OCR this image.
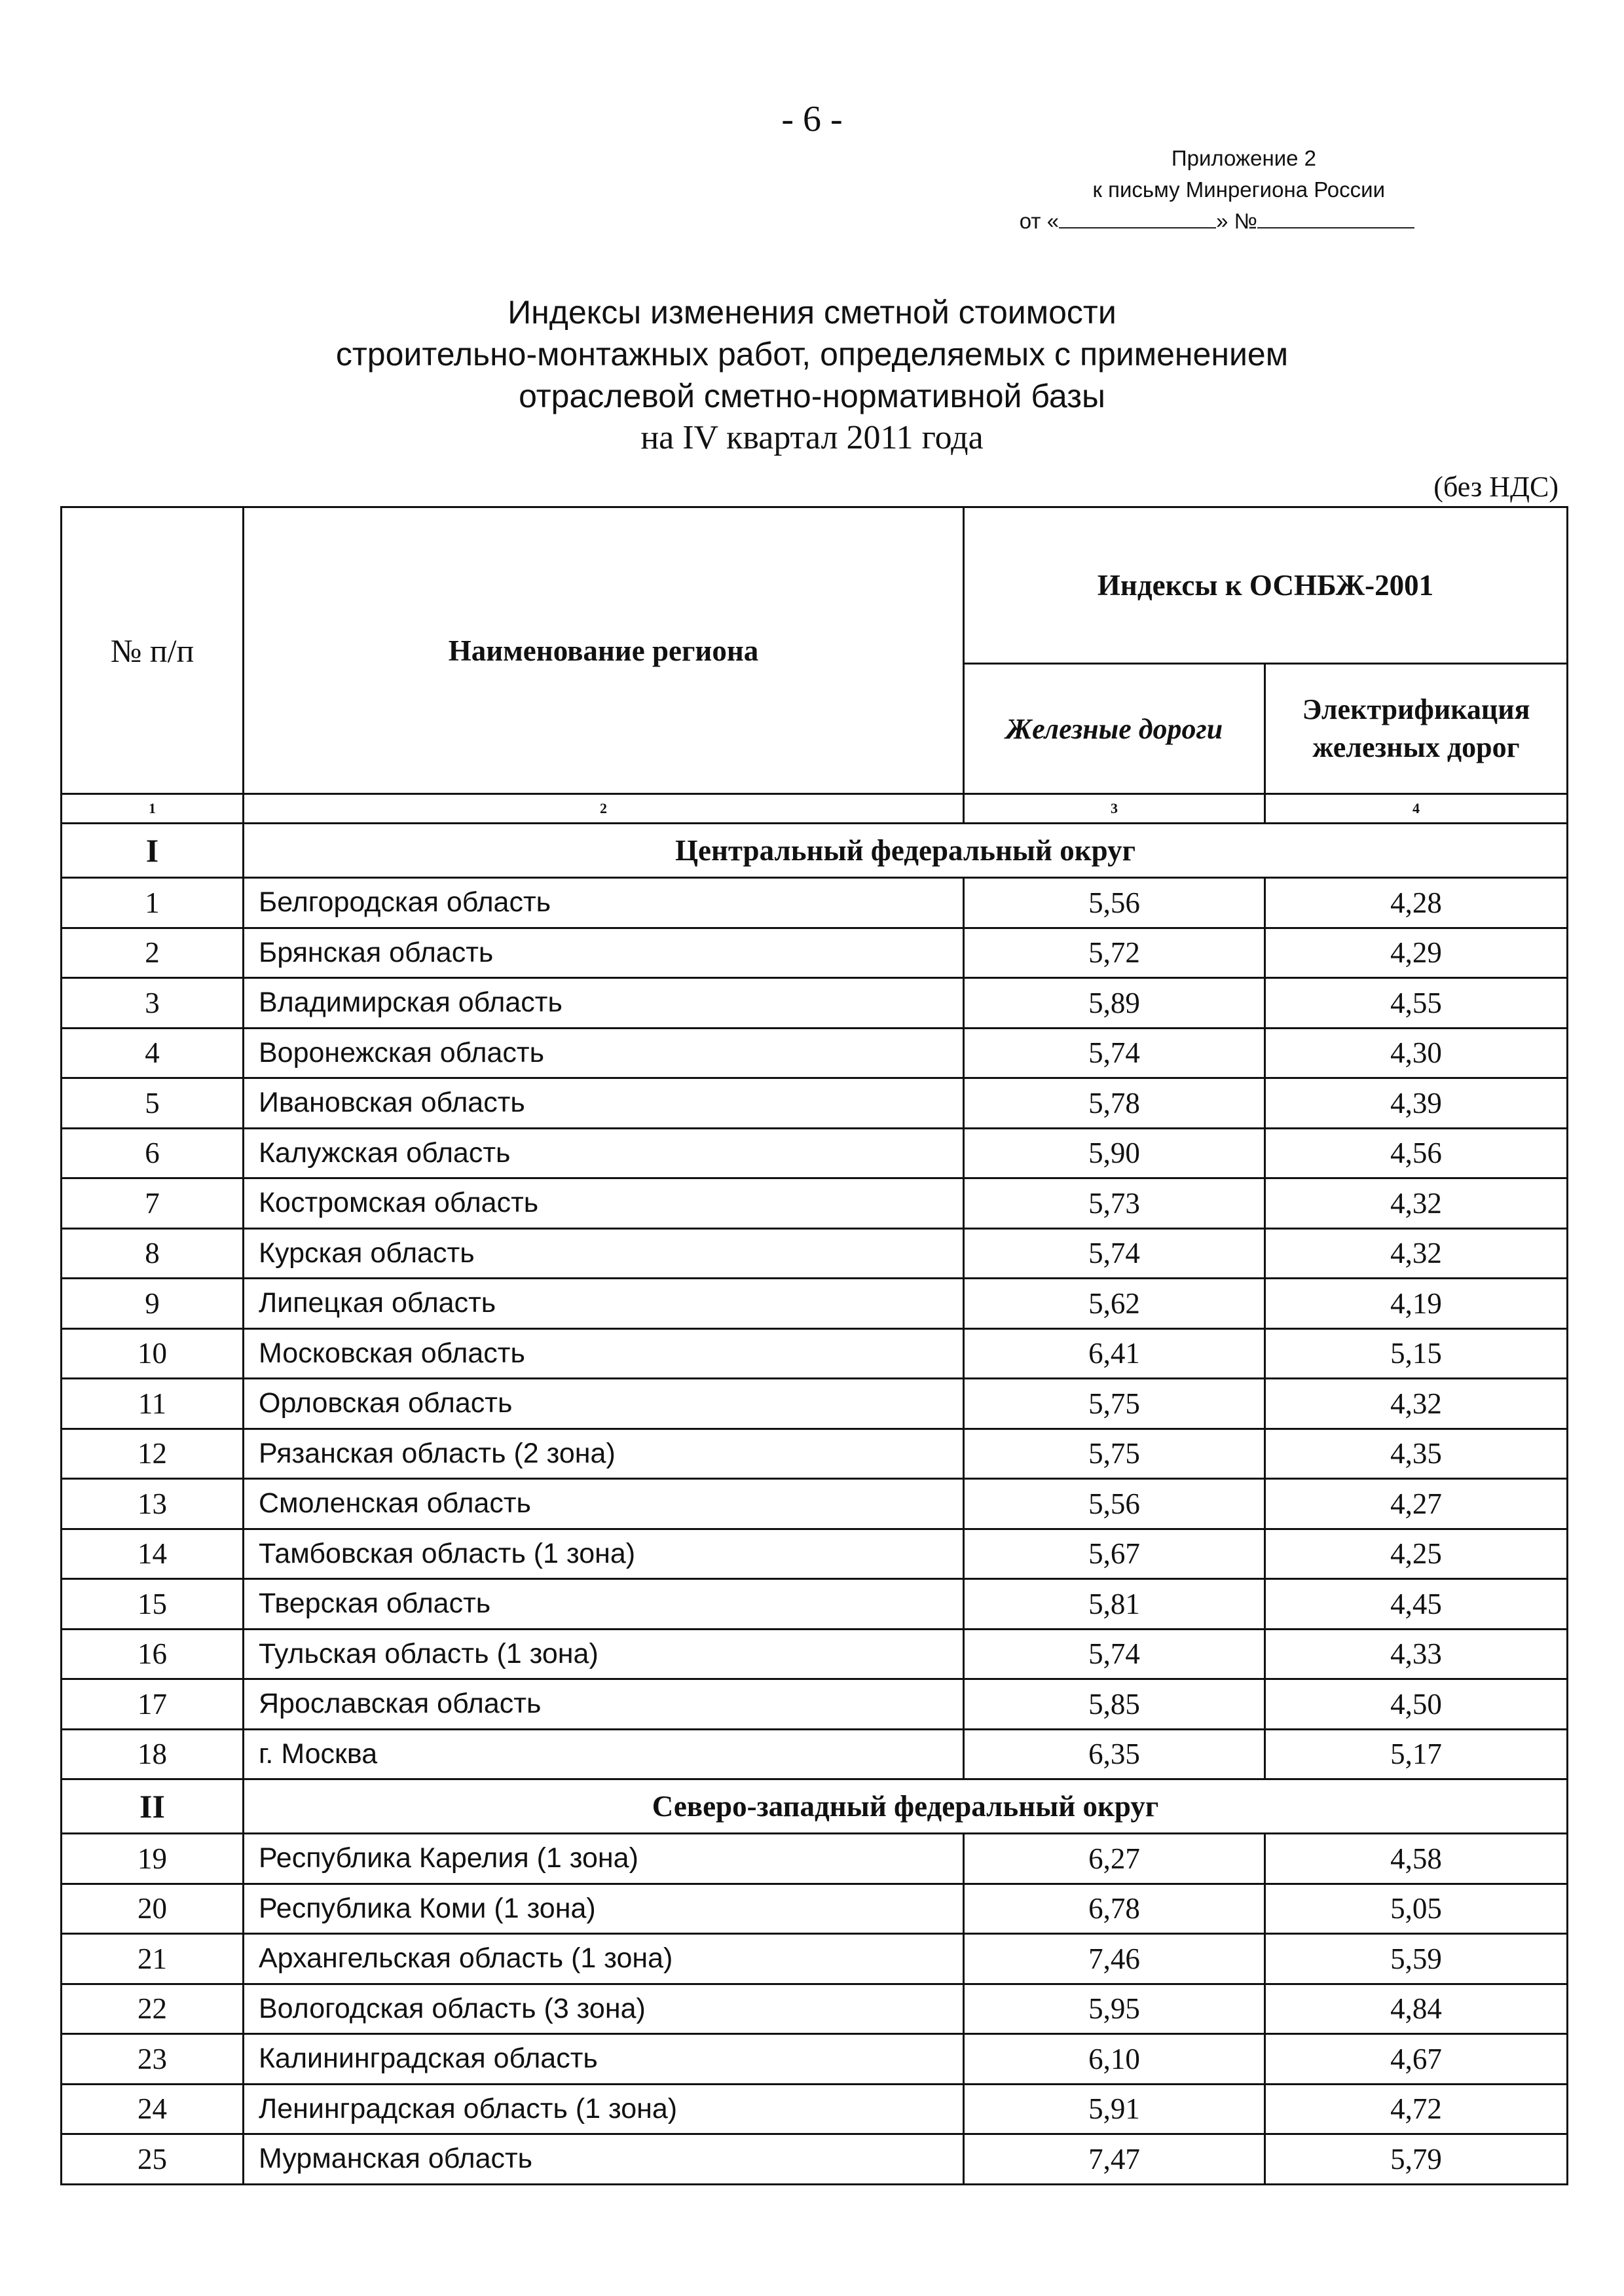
- 6 -
Приложение 2
к письму Минрегиона России
от «	» №
Индексы изменения сметной стоимости
строительно-монтажных работ, определяемых с применением
отраслевой сметно-нормативной базы
на IV квартал 2011 года
(без НДС)
№ п/п	Наименование региона	Индексы к ОСНБЖ-2001	
		Железные дороги	Электрификация
железных дорог
1	2	3	4
I	Центральный федеральный округ		
1	Белгородская область	5,56	4,28
2	Брянская область	5,72	4,29
3	Владимирская область	5,89	4,55
4	Воронежская область	5,74	4,30
5	Ивановская область	5,78	4,39
6	Калужская область	5,90	4,56
7	Костромская область	5,73	4,32
8	Курская область	5,74	4,32
9	Липецкая область	5,62	4,19
10	Московская область	6,41	5,15
11	Орловская область	5,75	4,32
12	Рязанская область (2 зона)	5,75	4,35
13	Смоленская область	5,56	4,27
14	Тамбовская область (1 зона)	5,67	4,25
15	Тверская область	5,81	4,45
16	Тульская область (1 зона)	5,74	4,33
17	Ярославская область	5,85	4,50
18	г. Москва	6,35	5,17
II	Северо-западный федеральный округ		
19	Республика Карелия (1 зона)	6,27	4,58
20	Республика Коми (1 зона)	6,78	5,05
21	Архангельская область (1 зона)	7,46	5,59
22	Вологодская область (3 зона)	5,95	4,84
23	Калининградская область	6,10	4,67
24	Ленинградская область (1 зона)	5,91	4,72
25	Мурманская область	7,47	5,79
